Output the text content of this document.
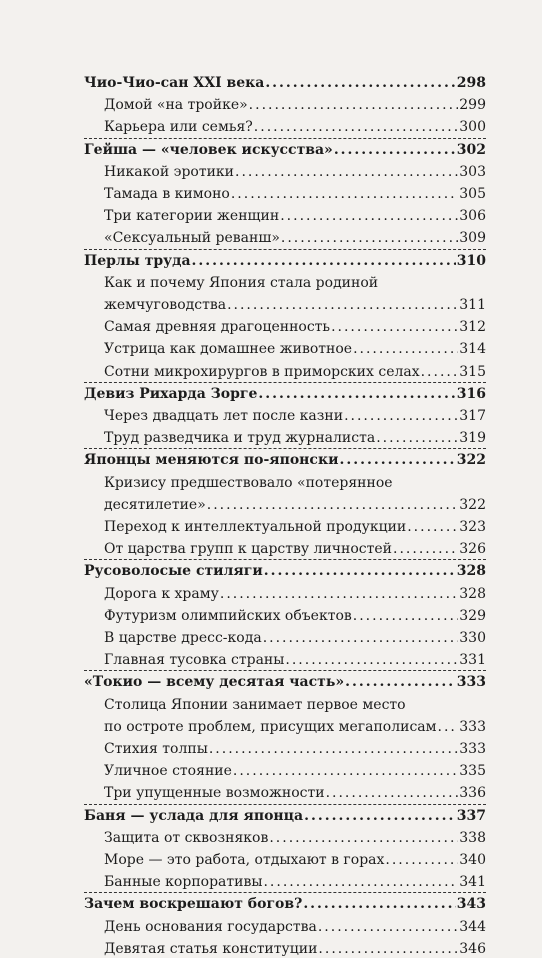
Чио-Чио-сан XXI века .....	298
Домой «на тройке» .....	299
Карьера или семья? .....	300
Гейша — «человек искусства» .....	302
Никакой эротики .....	303
Тамада в кимоно .....	305
Три категории женщин .....	306
«Сексуальный реванш» .....	309
Перлы труда .....	310
Как и почему Япония стала родиной
жемчуговодства .....	311
Самая древняя драгоценность .....	312
Устрица как домашнее животное .....	314
Сотни микрохирургов в приморских селах .....	315
Девиз Рихарда Зорге .....	316
Через двадцать лет после казни .....	317
Труд разведчика и труд журналиста .....	319
Японцы меняются по-японски .....	322
Кризису предшествовало «потерянное
десятилетие» .....	322
Переход к интеллектуальной продукции .....	323
От царства групп к царству личностей .....	326
Русоволосые стиляги .....	328
Дорога к храму .....	328
Футуризм олимпийских объектов .....	329
В царстве дресс-кода .....	330
Главная тусовка страны .....	331
«Токио — всему десятая часть» .....	333
Столица Японии занимает первое место
по остроте проблем, присущих мегаполисам ..... 333
Стихия толпы .....	333
Уличное стояние .....	335
Три упущенные возможности .....	336
Баня — услада для японца .....	337
Защита от сквозняков .....	338
Море — это работа, отдыхают в горах .....	340
Банные корпоративы .....	341
Зачем воскрешают богов? .....	343
День основания государства .....	344
Девятая статья конституции .....	346
